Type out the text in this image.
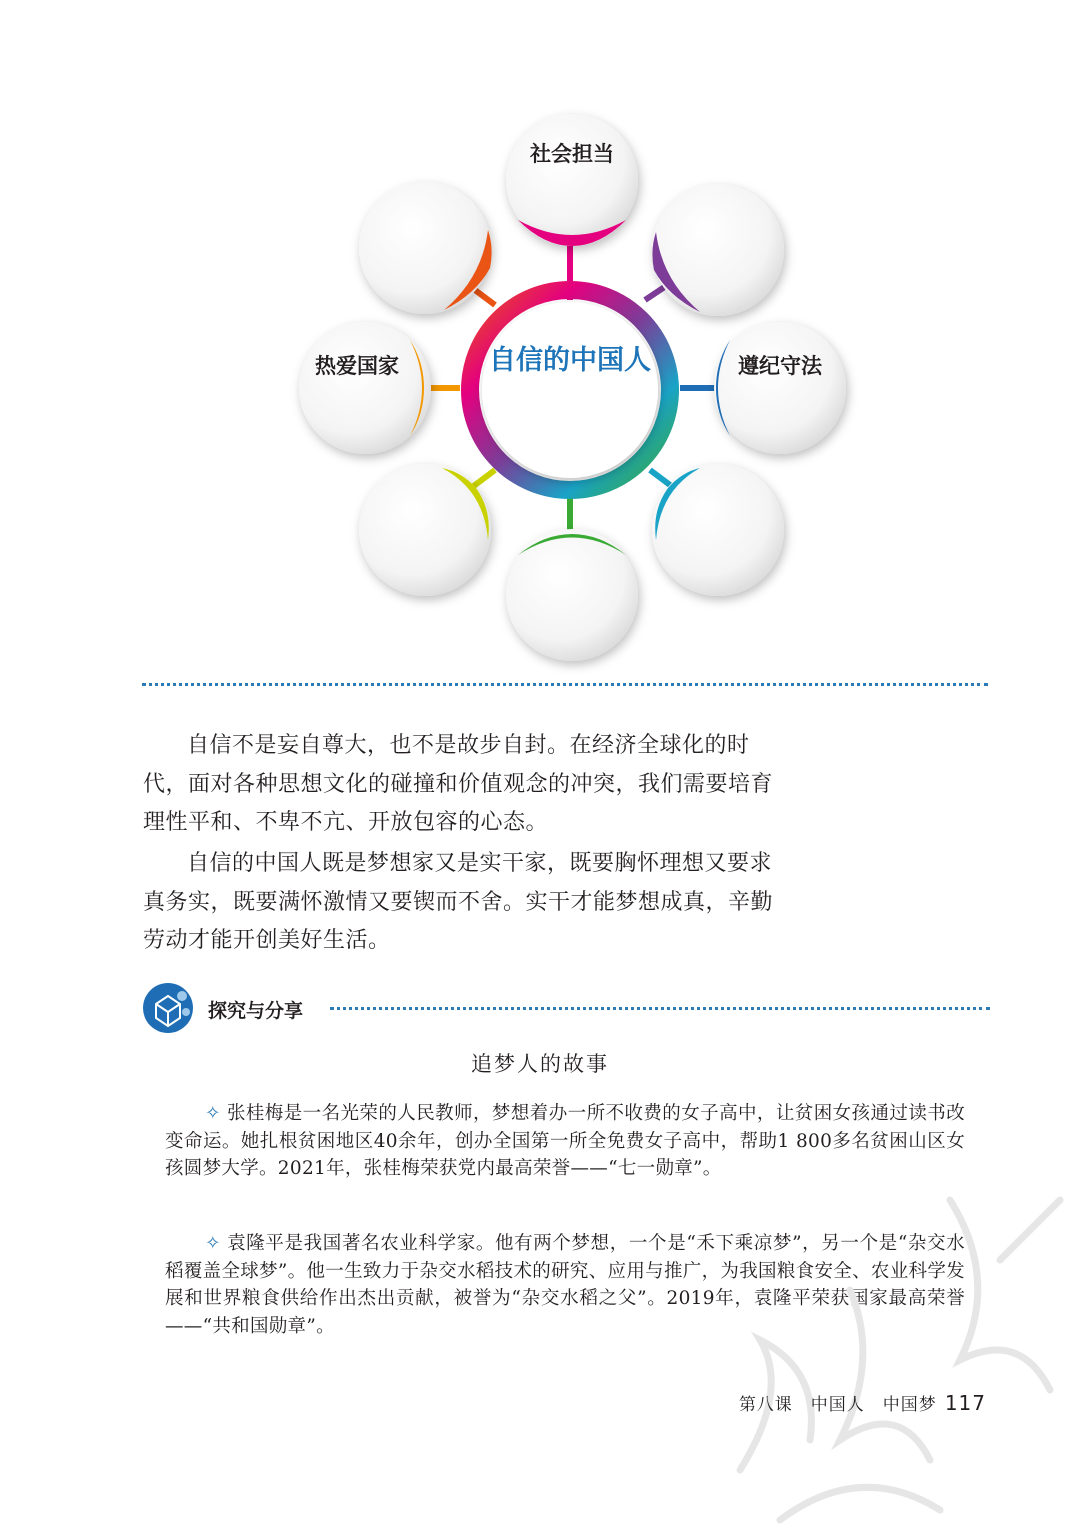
社会担当
热爱国家	遵纪守法
自信的中国人

自信不是妄自尊大，也不是故步自封。在经济全球化的时代，面对各种思想文化的碰撞和价值观念的冲突，我们需要培育理性平和、不卑不亢、开放包容的心态。

自信的中国人既是梦想家又是实干家，既要胸怀理想又要求真务实，既要满怀激情又要锲而不舍。实干才能梦想成真，辛勤劳动才能开创美好生活。

探究与分享
追梦人的故事

✧ 张桂梅是一名光荣的人民教师，梦想着办一所不收费的女子高中，让贫困女孩通过读书改变命运。她扎根贫困地区40余年，创办全国第一所全免费女子高中，帮助1 800多名贫困山区女孩圆梦大学。2021年，张桂梅荣获党内最高荣誉——“七一勋章”。

✧ 袁隆平是我国著名农业科学家。他有两个梦想，一个是“禾下乘凉梦”，另一个是“杂交水稻覆盖全球梦”。他一生致力于杂交水稻技术的研究、应用与推广，为我国粮食安全、农业科学发展和世界粮食供给作出杰出贡献，被誉为“杂交水稻之父”。2019年，袁隆平荣获国家最高荣誉——“共和国勋章”。

第八课　中国人　中国梦 117
